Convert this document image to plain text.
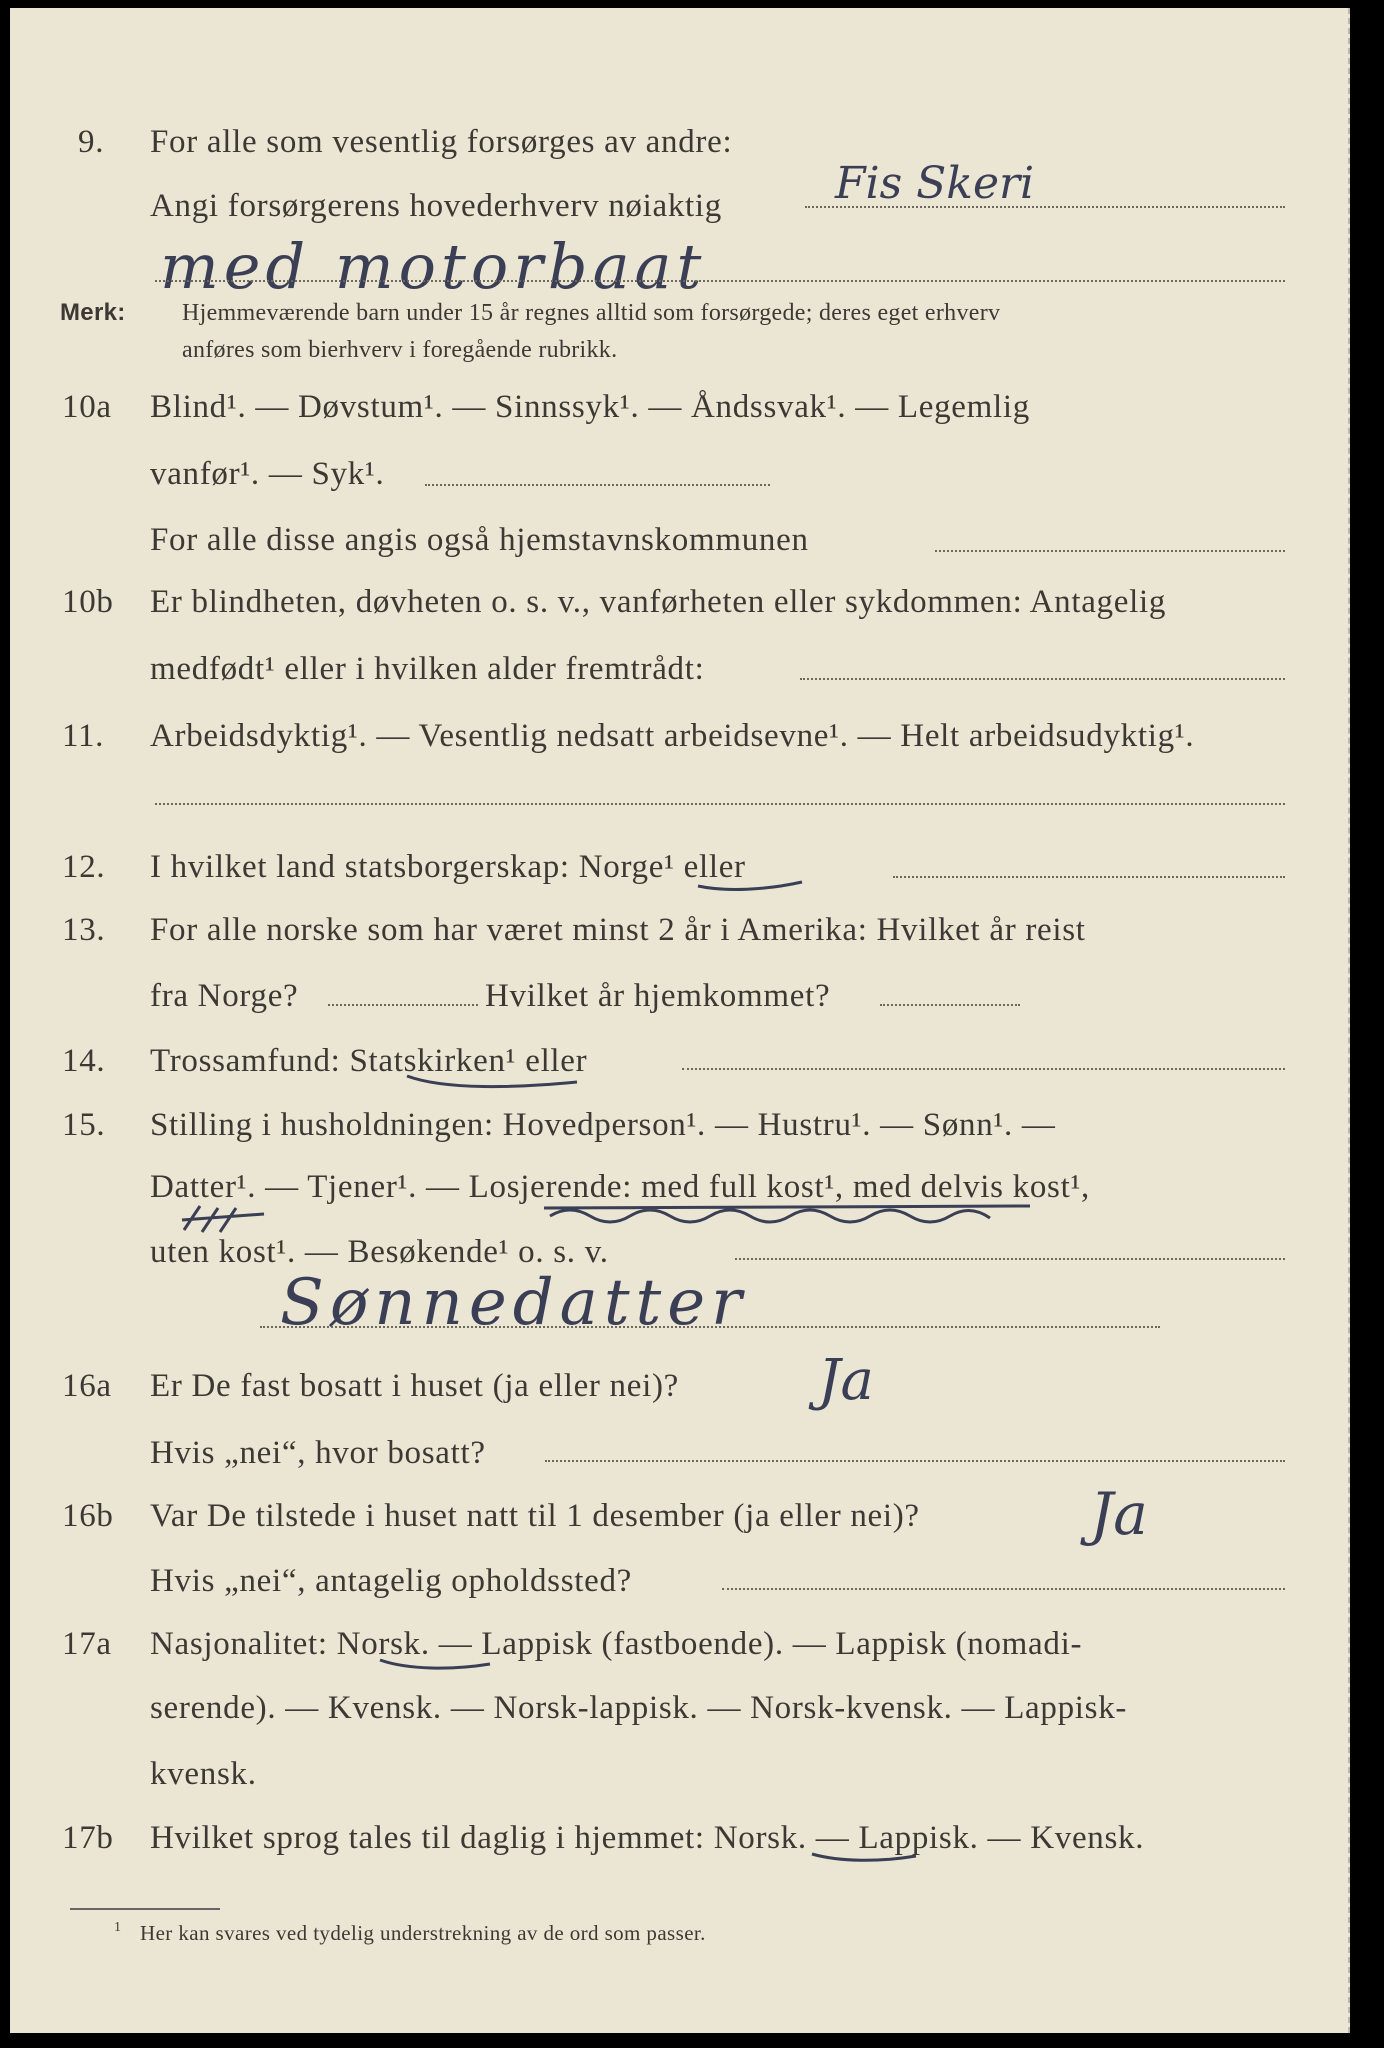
9. For alle som vesentlig forsørges av andre:
Angi forsørgerens hovederhverv nøiaktig	Fis Skeri
med motorbaat
Merk: Hjemmeværende barn under 15 år regnes alltid som forsørgede; deres eget erhverv
anføres som bierhverv i foregående rubrikk.
10a Blind¹. — Døvstum¹. — Sinnssyk¹. — Åndssvak¹. — Legemlig
vanfør¹. — Syk¹.
For alle disse angis også hjemstavnskommunen
10b Er blindheten, døvheten o. s. v., vanførheten eller sykdommen: Antagelig
medfødt¹ eller i hvilken alder fremtrådt:
11. Arbeidsdyktig¹. — Vesentlig nedsatt arbeidsevne¹. — Helt arbeidsudyktig¹.
12. I hvilket land statsborgerskap: Norge¹ eller
13. For alle norske som har været minst 2 år i Amerika: Hvilket år reist
fra Norge?	Hvilket år hjemkommet?
14. Trossamfund: Statskirken¹ eller
15. Stilling i husholdningen: Hovedperson¹. — Hustru¹. — Sønn¹. —
Datter¹. — Tjener¹. — Losjerende: med full kost¹, med delvis kost¹,
uten kost¹. — Besøkende¹ o. s. v.
Sønnedatter
16a Er De fast bosatt i huset (ja eller nei)? Ja
Hvis „nei“, hvor bosatt?
16b Var De tilstede i huset natt til 1 desember (ja eller nei)?	Ja
Hvis „nei“, antagelig opholdssted?
17a Nasjonalitet: Norsk. — Lappisk (fastboende). — Lappisk (nomadi-
serende). — Kvensk. — Norsk-lappisk. — Norsk-kvensk. — Lappisk-
kvensk.
17b Hvilket sprog tales til daglig i hjemmet: Norsk. — Lappisk. — Kvensk.
1 Her kan svares ved tydelig understrekning av de ord som passer.
